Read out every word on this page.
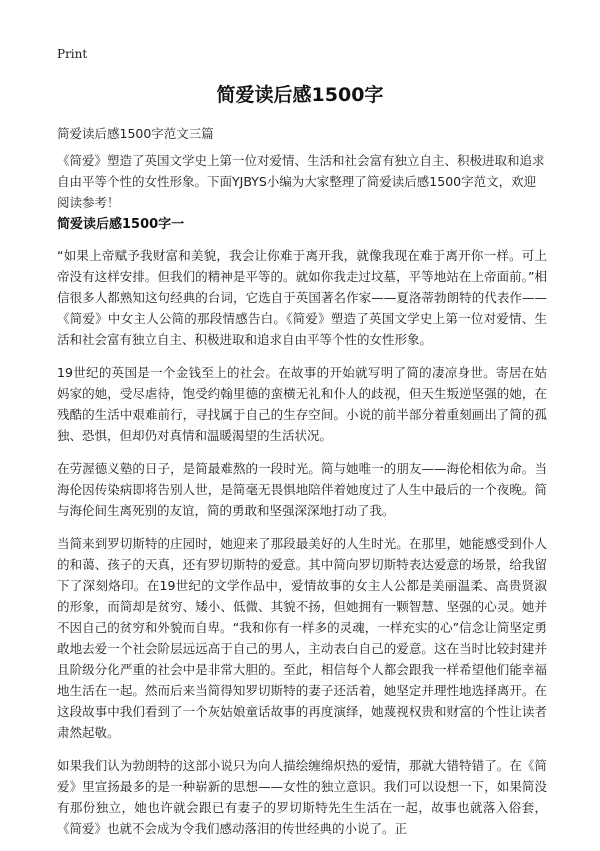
Print
简爱读后感1500字
简爱读后感1500字范文三篇

《简爱》塑造了英国文学史上第一位对爱情、生活和社会富有独立自主、积极进取和追求自由平等个性的女性形象。下面YJBYS小编为大家整理了简爱读后感1500字范文，欢迎阅读参考！

简爱读后感1500字一

“如果上帝赋予我财富和美貌，我会让你难于离开我，就像我现在难于离开你一样。可上帝没有这样安排。但我们的精神是平等的。就如你我走过坟墓，平等地站在上帝面前。”相信很多人都熟知这句经典的台词，它选自于英国著名作家——夏洛蒂勃朗特的代表作——《简爱》中女主人公简的那段情感告白。《简爱》塑造了英国文学史上第一位对爱情、生活和社会富有独立自主、积极进取和追求自由平等个性的女性形象。

19世纪的英国是一个金钱至上的社会。在故事的开始就写明了简的凄凉身世。寄居在姑妈家的她，受尽虐待，饱受约翰里德的蛮横无礼和仆人的歧视，但天生叛逆坚强的她，在残酷的生活中艰难前行，寻找属于自己的生存空间。小说的前半部分着重刻画出了简的孤独、恐惧，但却仍对真情和温暖渴望的生活状况。

在劳渥德义塾的日子，是简最难熬的一段时光。简与她唯一的朋友——海伦相依为命。当海伦因传染病即将告别人世，是简毫无畏惧地陪伴着她度过了人生中最后的一个夜晚。简与海伦间生离死别的友谊，简的勇敢和坚强深深地打动了我。

当简来到罗切斯特的庄园时，她迎来了那段最美好的人生时光。在那里，她能感受到仆人的和蔼、孩子的天真，还有罗切斯特的爱意。其中简向罗切斯特表达爱意的场景，给我留下了深刻烙印。在19世纪的文学作品中，爱情故事的女主人公都是美丽温柔、高贵贤淑的形象，而简却是贫穷、矮小、低微、其貌不扬，但她拥有一颗智慧、坚强的心灵。她并不因自己的贫穷和外貌而自卑。“我和你有一样多的灵魂，一样充实的心”信念让简坚定勇敢地去爱一个社会阶层远远高于自己的男人，主动表白自己的爱意。这在当时比较封建并且阶级分化严重的社会中是非常大胆的。至此，相信每个人都会跟我一样希望他们能幸福地生活在一起。然而后来当简得知罗切斯特的妻子还活着，她坚定并理性地选择离开。在这段故事中我们看到了一个灰姑娘童话故事的再度演绎，她蔑视权贵和财富的个性让读者肃然起敬。

如果我们认为勃朗特的这部小说只为向人描绘缠绵炽热的爱情，那就大错特错了。在《简爱》里宣扬最多的是一种崭新的思想——女性的独立意识。我们可以设想一下，如果简没有那份独立，她也许就会跟已有妻子的罗切斯特先生生活在一起，故事也就落入俗套，《简爱》也就不会成为令我们感动落泪的传世经典的小说了。正
